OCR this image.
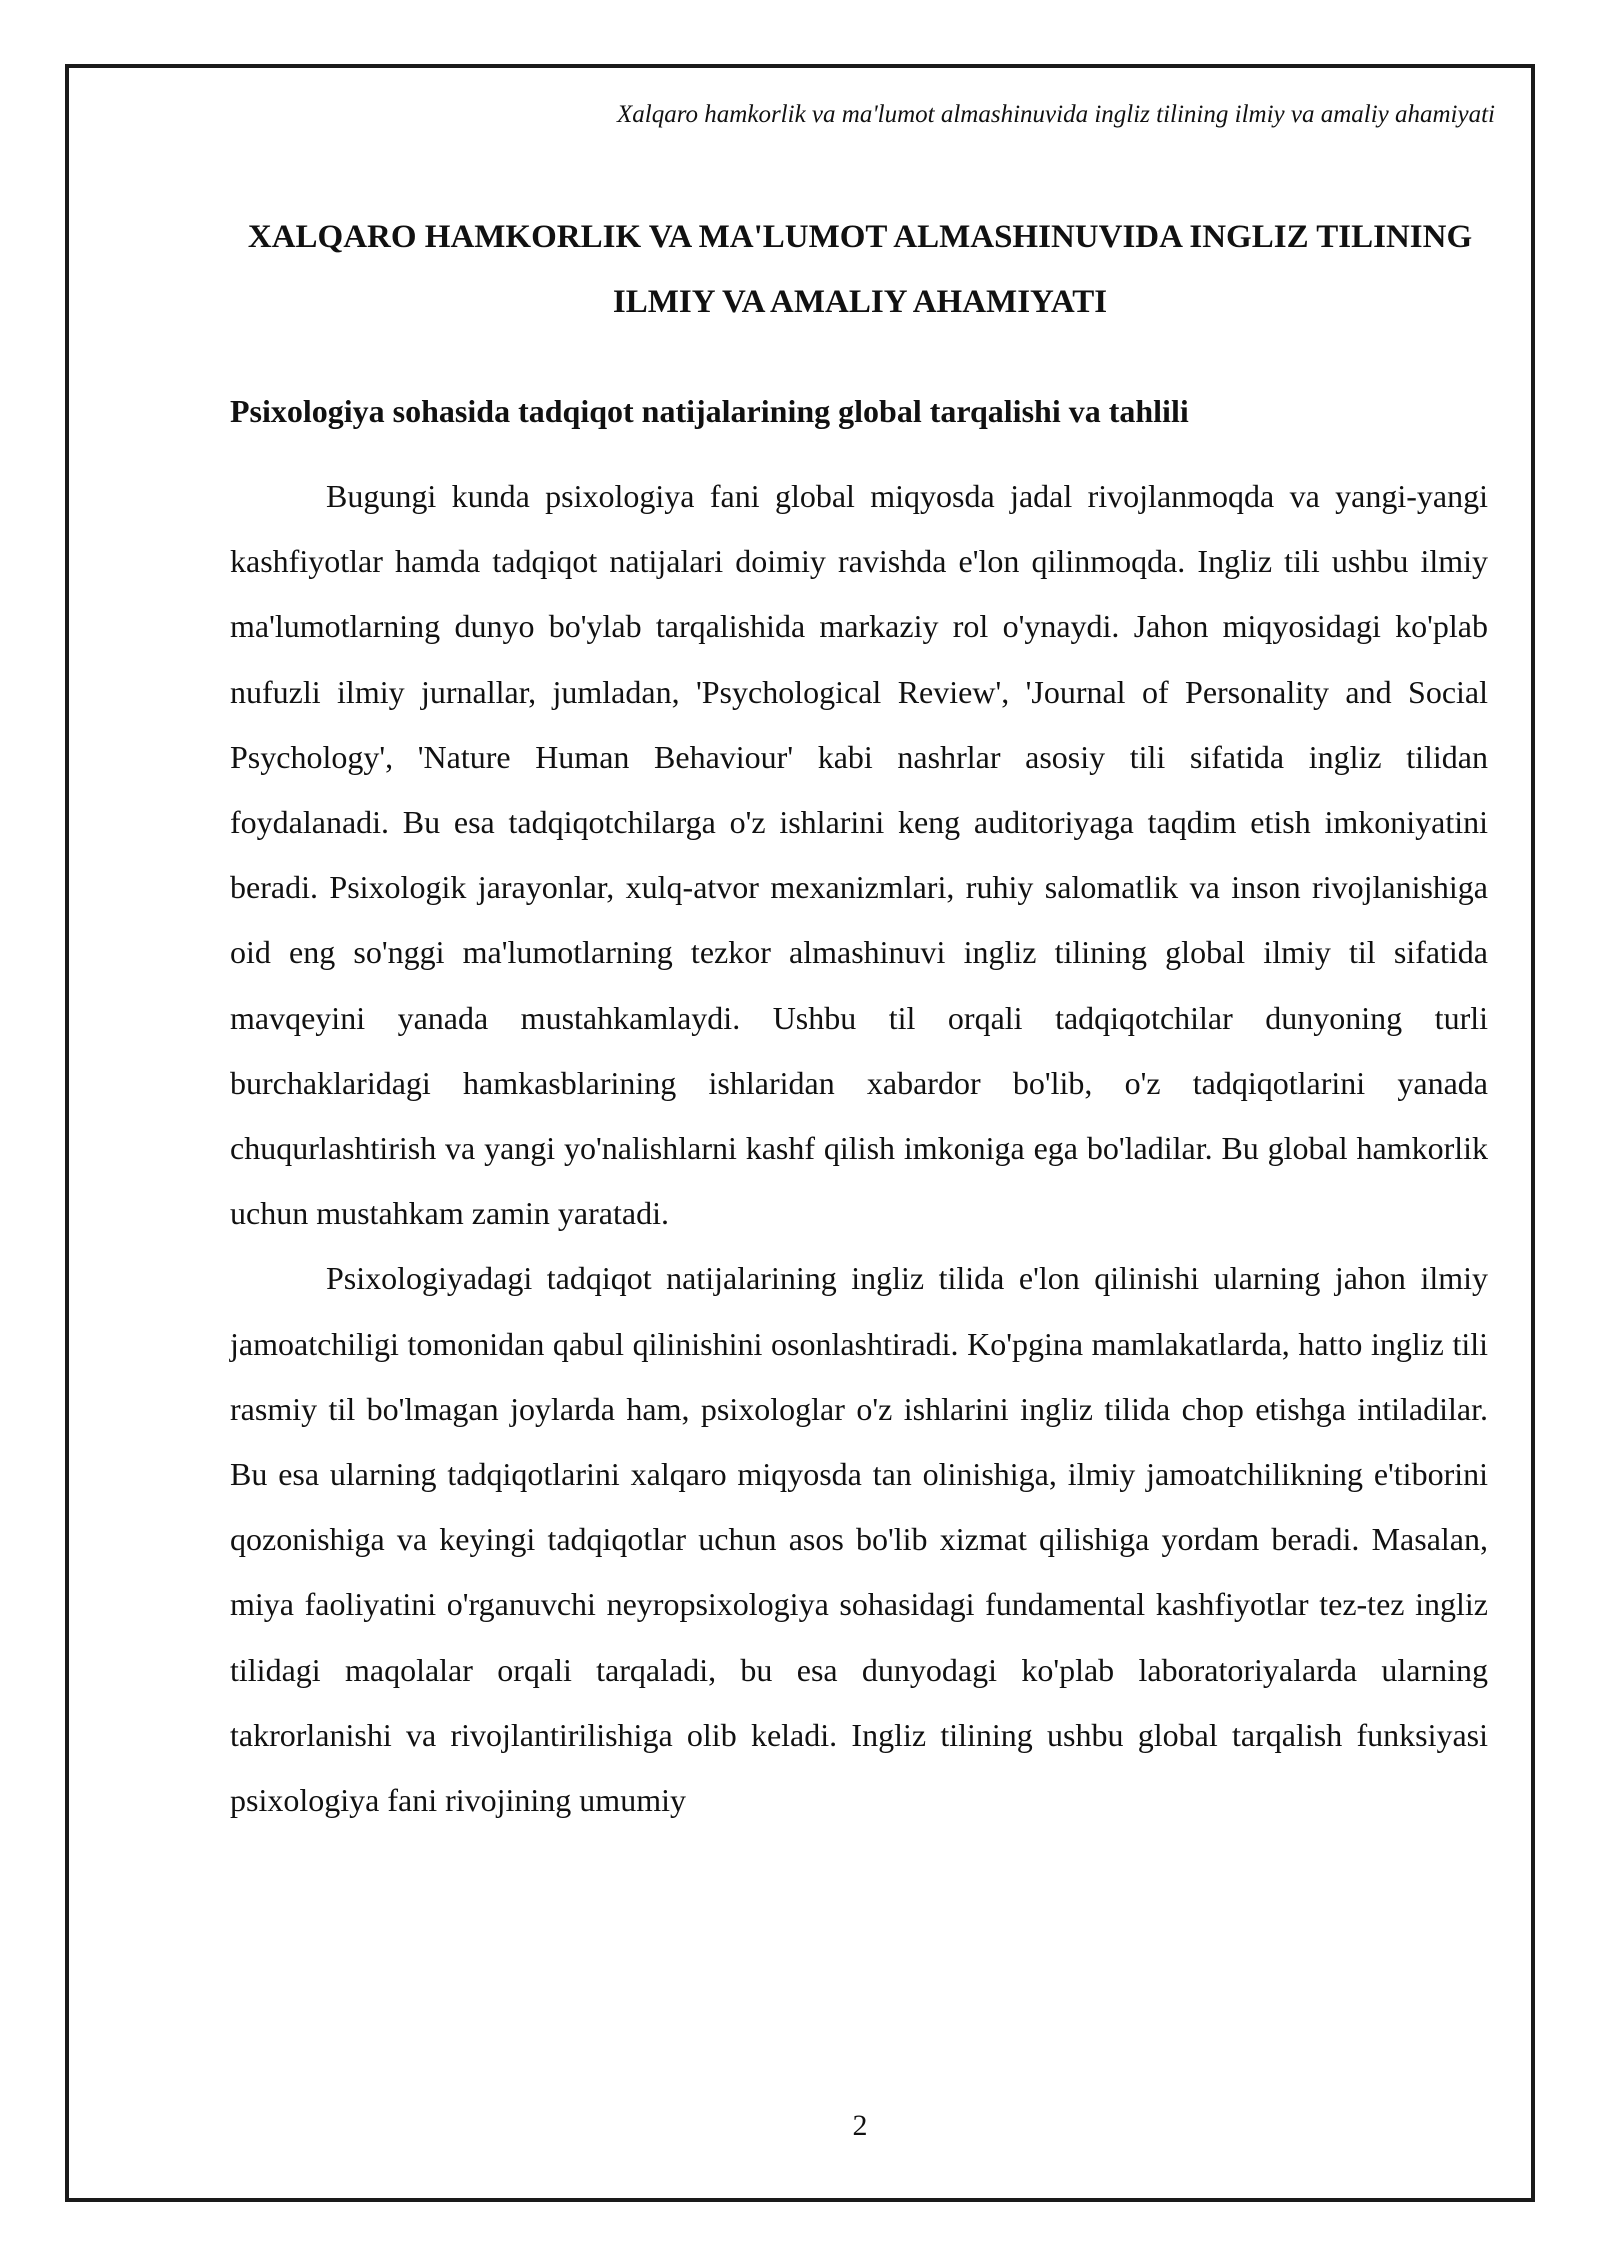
Xalqaro hamkorlik va ma'lumot almashinuvida ingliz tilining ilmiy va amaliy ahamiyati
XALQARO HAMKORLIK VA MA'LUMOT ALMASHINUVIDA INGLIZ TILINING ILMIY VA AMALIY AHAMIYATI
Psixologiya sohasida tadqiqot natijalarining global tarqalishi va tahlili

Bugungi kunda psixologiya fani global miqyosda jadal rivojlanmoqda va yangi-yangi kashfiyotlar hamda tadqiqot natijalari doimiy ravishda e'lon qilinmoqda. Ingliz tili ushbu ilmiy ma'lumotlarning dunyo bo'ylab tarqalishida markaziy rol o'ynaydi. Jahon miqyosidagi ko'plab nufuzli ilmiy jurnallar, jumladan, 'Psychological Review', 'Journal of Personality and Social Psychology', 'Nature Human Behaviour' kabi nashrlar asosiy tili sifatida ingliz tilidan foydalanadi. Bu esa tadqiqotchilarga o'z ishlarini keng auditoriyaga taqdim etish imkoniyatini beradi. Psixologik jarayonlar, xulq-atvor mexanizmlari, ruhiy salomatlik va inson rivojlanishiga oid eng so'nggi ma'lumotlarning tezkor almashinuvi ingliz tilining global ilmiy til sifatida mavqeyini yanada mustahkamlaydi. Ushbu til orqali tadqiqotchilar dunyoning turli burchaklaridagi hamkasblarining ishlaridan xabardor bo'lib, o'z tadqiqotlarini yanada chuqurlashtirish va yangi yo'nalishlarni kashf qilish imkoniga ega bo'ladilar. Bu global hamkorlik uchun mustahkam zamin yaratadi.

Psixologiyadagi tadqiqot natijalarining ingliz tilida e'lon qilinishi ularning jahon ilmiy jamoatchiligi tomonidan qabul qilinishini osonlashtiradi. Ko'pgina mamlakatlarda, hatto ingliz tili rasmiy til bo'lmagan joylarda ham, psixologlar o'z ishlarini ingliz tilida chop etishga intiladilar. Bu esa ularning tadqiqotlarini xalqaro miqyosda tan olinishiga, ilmiy jamoatchilikning e'tiborini qozonishiga va keyingi tadqiqotlar uchun asos bo'lib xizmat qilishiga yordam beradi. Masalan, miya faoliyatini o'rganuvchi neyropsixologiya sohasidagi fundamental kashfiyotlar tez-tez ingliz tilidagi maqolalar orqali tarqaladi, bu esa dunyodagi ko'plab laboratoriyalarda ularning takrorlanishi va rivojlantirilishiga olib keladi. Ingliz tilining ushbu global tarqalish funksiyasi psixologiya fani rivojining umumiy

2
